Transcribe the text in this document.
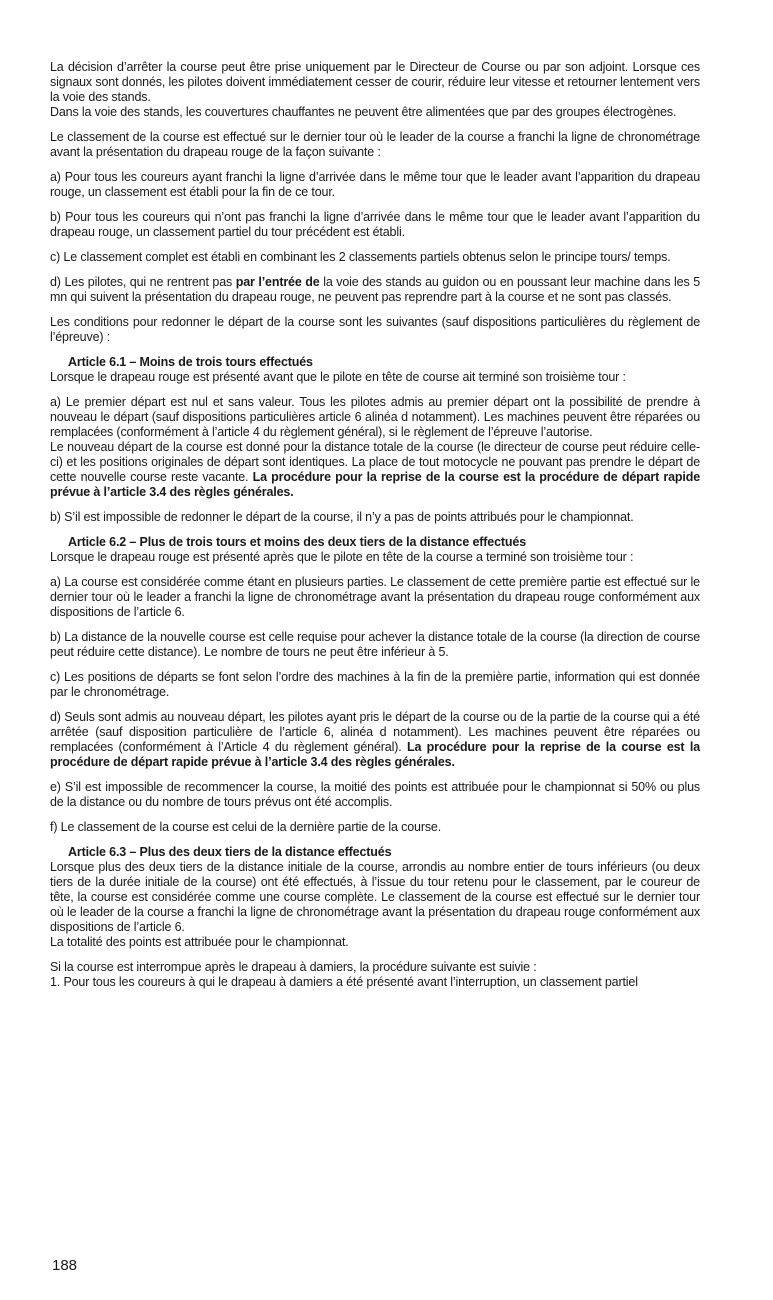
La décision d’arrêter la course peut être prise uniquement par le Directeur de Course ou par son adjoint. Lorsque ces signaux sont donnés, les pilotes doivent immédiatement cesser de courir, réduire leur vitesse et retourner lentement vers la voie des stands.

Dans la voie des stands, les couvertures chauffantes ne peuvent être alimentées que par des groupes électrogènes.

Le classement de la course est effectué sur le dernier tour où le leader de la course a franchi la ligne de chronométrage avant la présentation du drapeau rouge de la façon suivante :

a) Pour tous les coureurs ayant franchi la ligne d’arrivée dans le même tour que le leader avant l’apparition du drapeau rouge, un classement est établi pour la fin de ce tour.

b) Pour tous les coureurs qui n’ont pas franchi la ligne d’arrivée dans le même tour que le leader avant l’apparition du drapeau rouge, un classement partiel du tour précédent est établi.

c) Le classement complet est établi en combinant les 2 classements partiels obtenus selon le principe tours/ temps.

d) Les pilotes, qui ne rentrent pas par l’entrée de la voie des stands au guidon ou en poussant leur machine dans les 5 mn qui suivent la présentation du drapeau rouge, ne peuvent pas reprendre part à la course et ne sont pas classés.

Les conditions pour redonner le départ de la course sont les suivantes (sauf dispositions particulières du règlement de l’épreuve) :

Article 6.1 – Moins de trois tours effectués

Lorsque le drapeau rouge est présenté avant que le pilote en tête de course ait terminé son troisième tour :

a) Le premier départ est nul et sans valeur. Tous les pilotes admis au premier départ ont la possibilité de prendre à nouveau le départ (sauf dispositions particulières article 6 alinéa d notamment). Les machines peuvent être réparées ou remplacées (conformément à l’article 4 du règlement général), si le règlement de l’épreuve l’autorise.

Le nouveau départ de la course est donné pour la distance totale de la course (le directeur de course peut réduire celle-ci) et les positions originales de départ sont identiques. La place de tout motocycle ne pouvant pas prendre le départ de cette nouvelle course reste vacante. La procédure pour la reprise de la course est la procédure de départ rapide prévue à l’article 3.4 des règles générales.

b) S’il est impossible de redonner le départ de la course, il n’y a pas de points attribués pour le championnat.

Article 6.2 – Plus de trois tours et moins des deux tiers de la distance effectués

Lorsque le drapeau rouge est présenté après que le pilote en tête de la course a terminé son troisième tour :

a) La course est considérée comme étant en plusieurs parties. Le classement de cette première partie est effectué sur le dernier tour où le leader a franchi la ligne de chronométrage avant la présentation du drapeau rouge conformément aux dispositions de l’article 6.

b) La distance de la nouvelle course est celle requise pour achever la distance totale de la course (la direction de course peut réduire cette distance). Le nombre de tours ne peut être inférieur à 5.

c) Les positions de départs se font selon l’ordre des machines à la fin de la première partie, information qui est donnée par le chronométrage.

d) Seuls sont admis au nouveau départ, les pilotes ayant pris le départ de la course ou de la partie de la course qui a été arrêtée (sauf disposition particulière de l’article 6, alinéa d notamment). Les machines peuvent être réparées ou remplacées (conformément à l’Article 4 du règlement général). La procédure pour la reprise de la course est la procédure de départ rapide prévue à l’article 3.4 des règles générales.

e) S’il est impossible de recommencer la course, la moitié des points est attribuée pour le championnat si 50% ou plus de la distance ou du nombre de tours prévus ont été accomplis.

f) Le classement de la course est celui de la dernière partie de la course.

Article 6.3 – Plus des deux tiers de la distance effectués

Lorsque plus des deux tiers de la distance initiale de la course, arrondis au nombre entier de tours inférieurs (ou deux tiers de la durée initiale de la course) ont été effectués, à l’issue du tour retenu pour le classement, par le coureur de tête, la course est considérée comme une course complète. Le classement de la course est effectué sur le dernier tour où le leader de la course a franchi la ligne de chronométrage avant la présentation du drapeau rouge conformément aux dispositions de l’article 6.

La totalité des points est attribuée pour le championnat.

Si la course est interrompue après le drapeau à damiers, la procédure suivante est suivie :

1. Pour tous les coureurs à qui le drapeau à damiers a été présenté avant l’interruption, un classement partiel

188
